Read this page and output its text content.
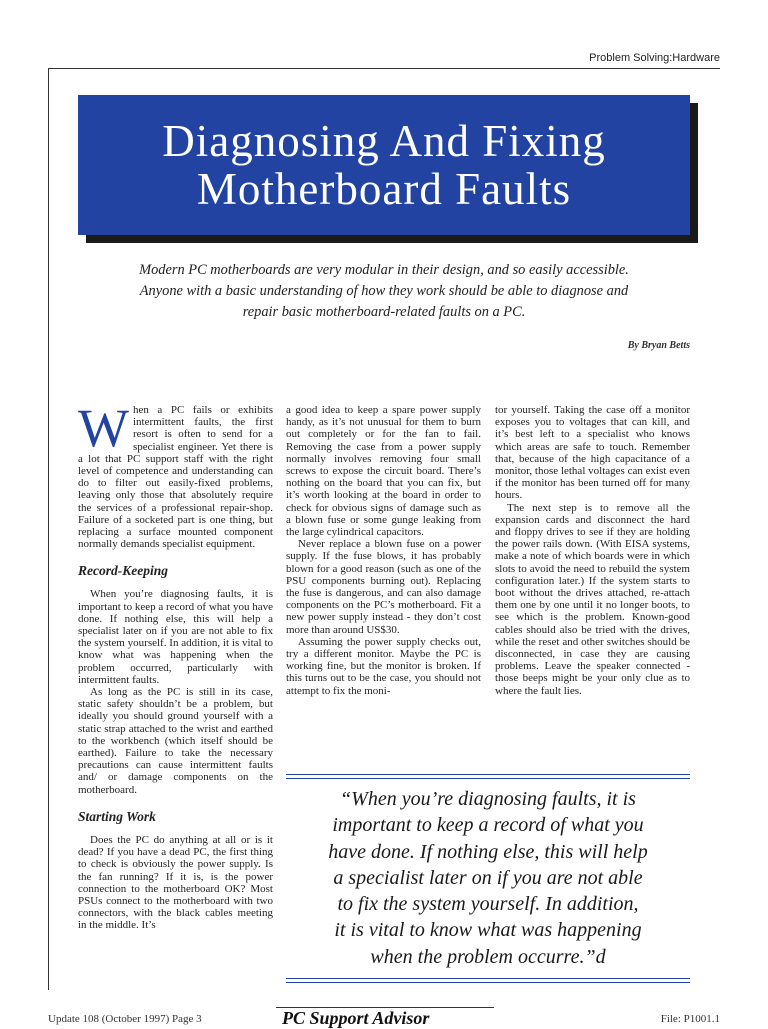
Problem Solving:Hardware
Diagnosing And Fixing
Motherboard Faults
Modern PC motherboards are very modular in their design, and so easily accessible.
Anyone with a basic understanding of how they work should be able to diagnose and
repair basic motherboard-related faults on a PC.
By Bryan Betts

When a PC fails or exhibits intermittent faults, the first resort is often to send for a specialist engineer. Yet there is a lot that PC support staff with the right level of competence and understanding can do to filter out easily-fixed problems, leaving only those that absolutely require the services of a professional repair-shop. Failure of a socketed part is one thing, but replacing a surface mounted component normally demands specialist equipment.

Record-Keeping

When you’re diagnosing faults, it is important to keep a record of what you have done. If nothing else, this will help a specialist later on if you are not able to fix the system yourself. In addition, it is vital to know what was happening when the problem occurred, particularly with intermittent faults.

As long as the PC is still in its case, static safety shouldn’t be a problem, but ideally you should ground yourself with a static strap attached to the wrist and earthed to the workbench (which itself should be earthed). Failure to take the necessary precautions can cause intermittent faults and/ or damage components on the motherboard.

Starting Work

Does the PC do anything at all or is it dead? If you have a dead PC, the first thing to check is obviously the power supply. Is the fan running? If it is, is the power connection to the motherboard OK? Most PSUs connect to the motherboard with two connectors, with the black cables meeting in the middle. It’s

a good idea to keep a spare power supply handy, as it’s not unusual for them to burn out completely or for the fan to fail. Removing the case from a power supply normally involves removing four small screws to expose the circuit board. There’s nothing on the board that you can fix, but it’s worth looking at the board in order to check for obvious signs of damage such as a blown fuse or some gunge leaking from the large cylindrical capacitors.

Never replace a blown fuse on a power supply. If the fuse blows, it has probably blown for a good reason (such as one of the PSU components burning out). Replacing the fuse is dangerous, and can also damage components on the PC’s motherboard. Fit a new power supply instead - they don’t cost more than around US$30.

Assuming the power supply checks out, try a different monitor. Maybe the PC is working fine, but the monitor is broken. If this turns out to be the case, you should not attempt to fix the moni-

tor yourself. Taking the case off a monitor exposes you to voltages that can kill, and it’s best left to a specialist who knows which areas are safe to touch. Remember that, because of the high capacitance of a monitor, those lethal voltages can exist even if the monitor has been turned off for many hours.

The next step is to remove all the expansion cards and disconnect the hard and floppy drives to see if they are holding the power rails down. (With EISA systems, make a note of which boards were in which slots to avoid the need to rebuild the system configuration later.) If the system starts to boot without the drives attached, re-attach them one by one until it no longer boots, to see which is the problem. Known-good cables should also be tried with the drives, while the reset and other switches should be disconnected, in case they are causing problems. Leave the speaker connected - those beeps might be your only clue as to where the fault lies.

“When you’re diagnosing faults, it is
important to keep a record of what you
have done. If nothing else, this will help
a specialist later on if you are not able
to fix the system yourself. In addition,
it is vital to know what was happening
when the problem occurre.”d
Update 108 (October 1997) Page 3	PC Support Advisor	File: P1001.1
